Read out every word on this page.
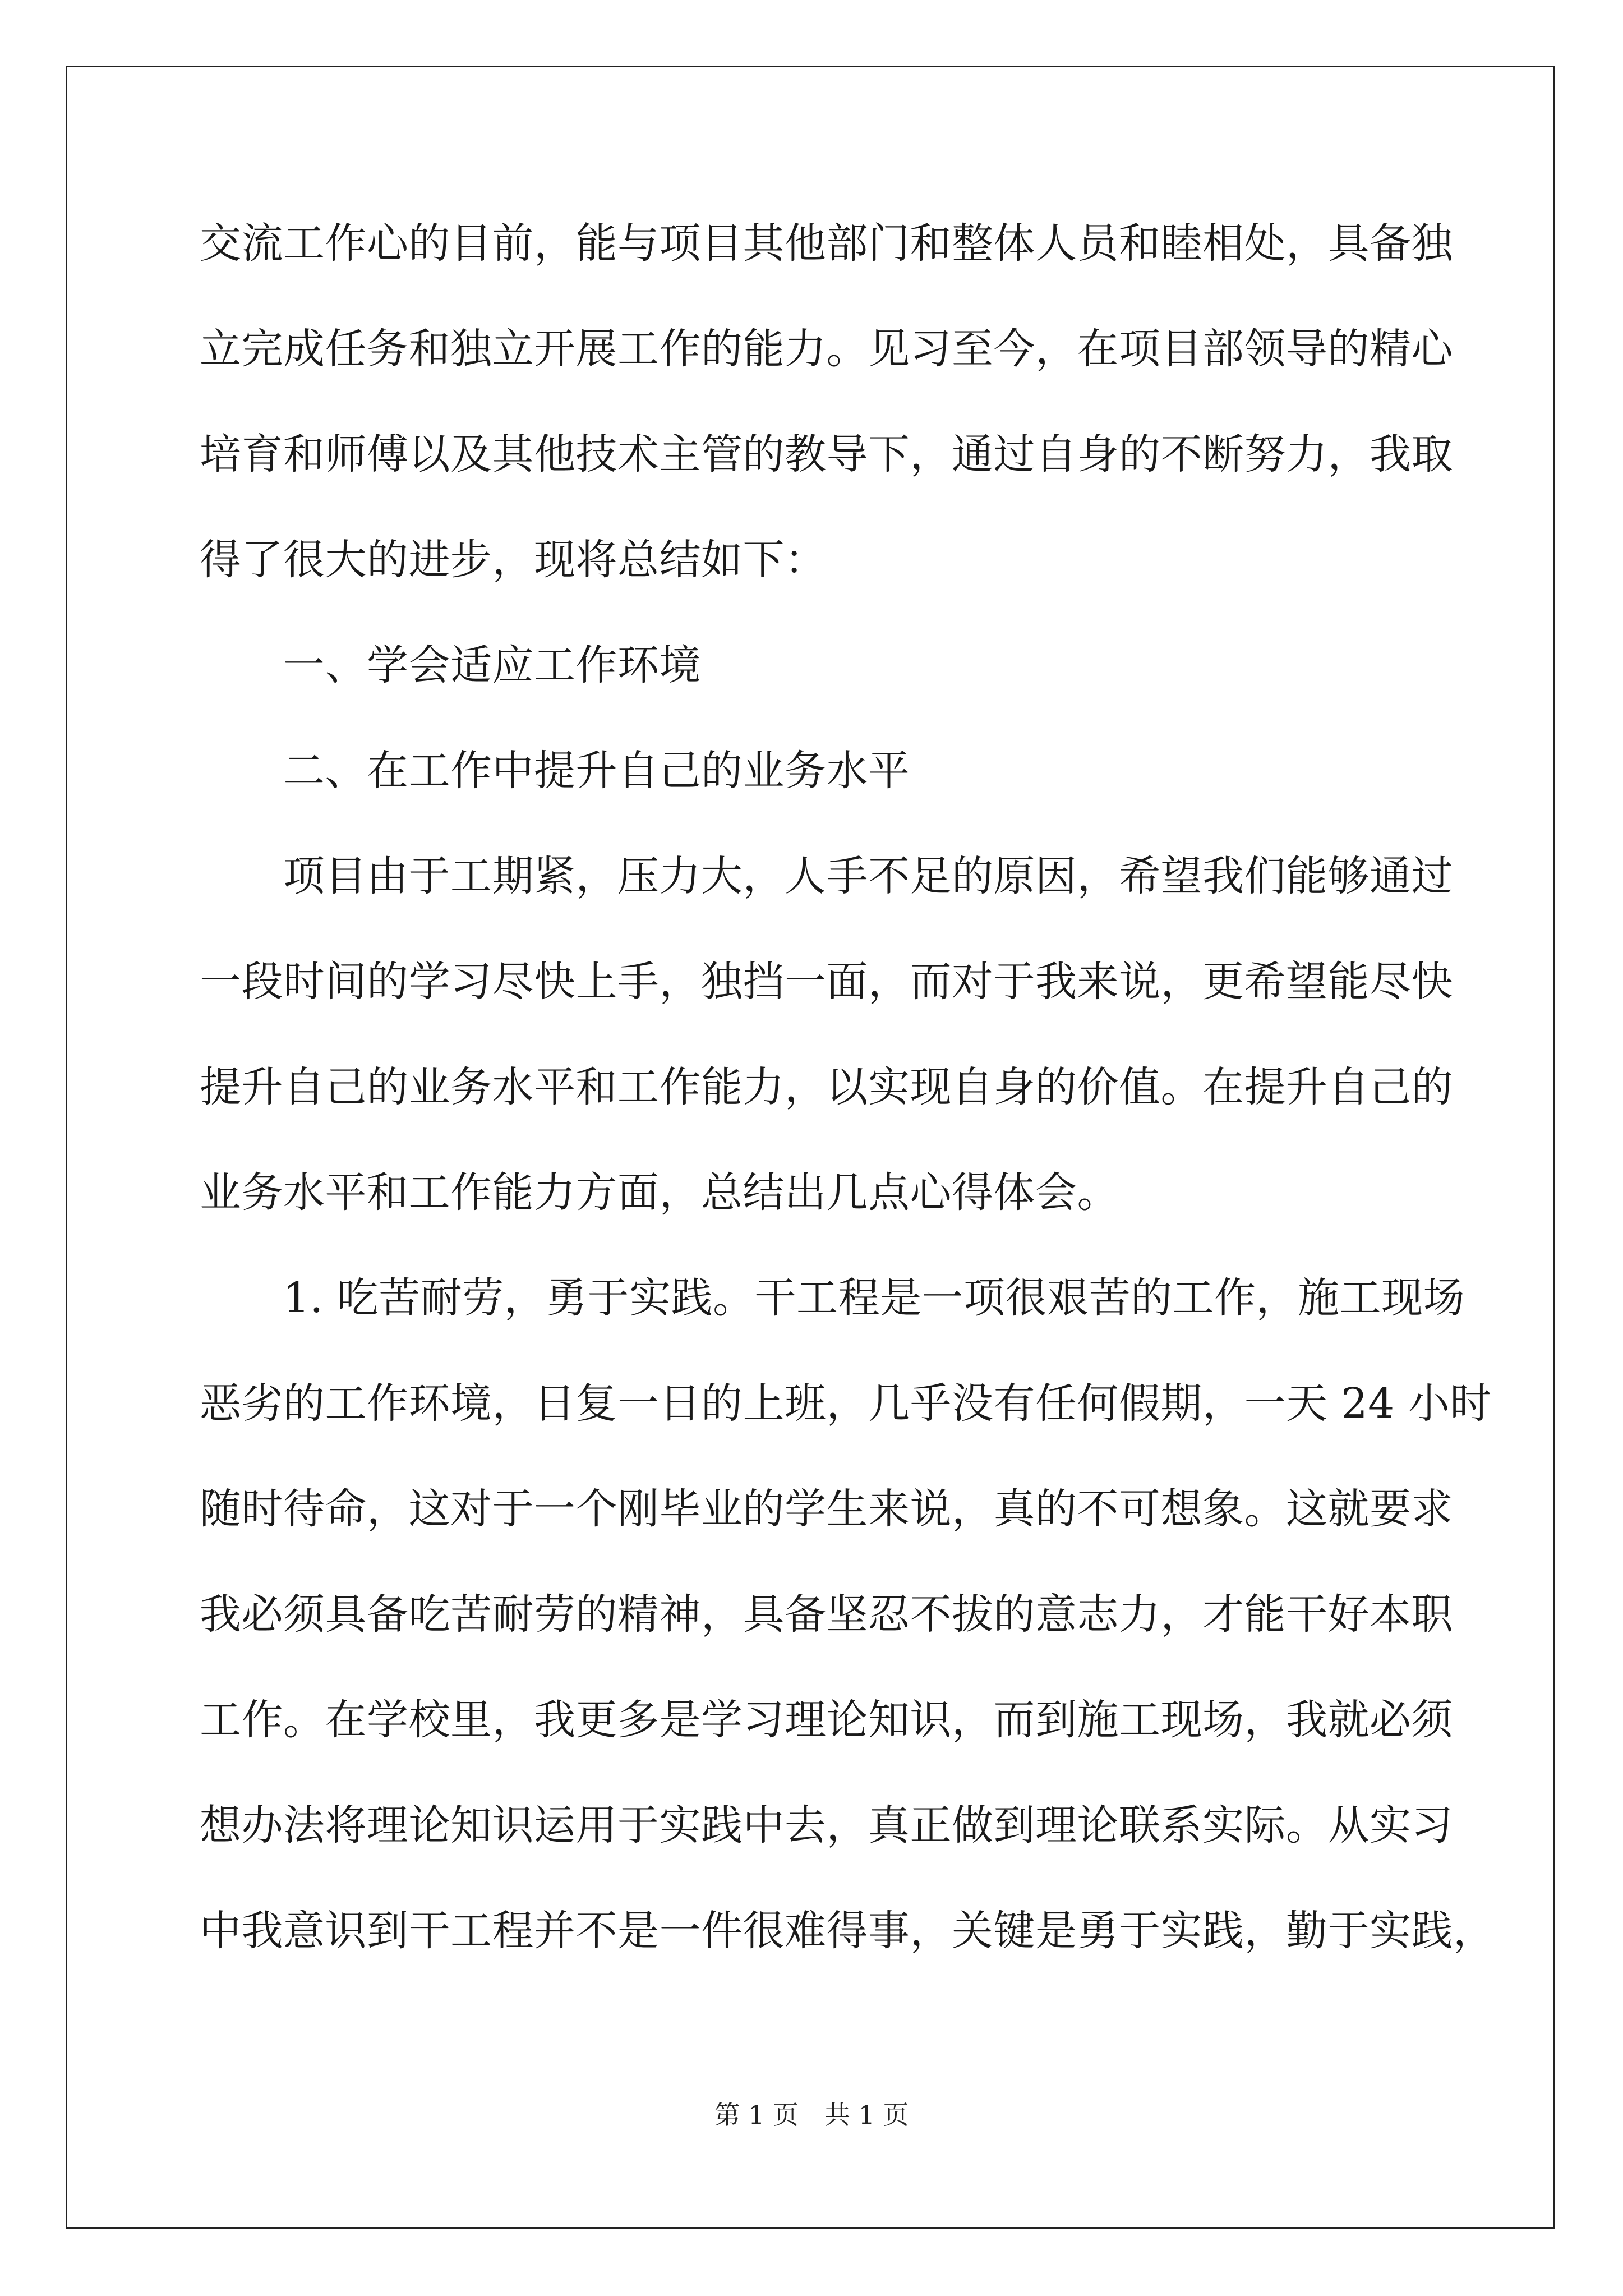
交流工作心的目前，能与项目其他部门和整体人员和睦相处，具备独
立完成任务和独立开展工作的能力。见习至今，在项目部领导的精心
培育和师傅以及其他技术主管的教导下，通过自身的不断努力，我取
得了很大的进步，现将总结如下：
　　一、学会适应工作环境
　　二、在工作中提升自己的业务水平
　　项目由于工期紧，压力大，人手不足的原因，希望我们能够通过
一段时间的学习尽快上手，独挡一面，而对于我来说，更希望能尽快
提升自己的业务水平和工作能力，以实现自身的价值。在提升自己的
业务水平和工作能力方面，总结出几点心得体会。
　　1. 吃苦耐劳，勇于实践。干工程是一项很艰苦的工作，施工现场
恶劣的工作环境，日复一日的上班，几乎没有任何假期，一天 24 小时
随时待命，这对于一个刚毕业的学生来说，真的不可想象。这就要求
我必须具备吃苦耐劳的精神，具备坚忍不拔的意志力，才能干好本职
工作。在学校里，我更多是学习理论知识，而到施工现场，我就必须
想办法将理论知识运用于实践中去，真正做到理论联系实际。从实习
中我意识到干工程并不是一件很难得事，关键是勇于实践，勤于实践，
第 1 页　共 1 页
